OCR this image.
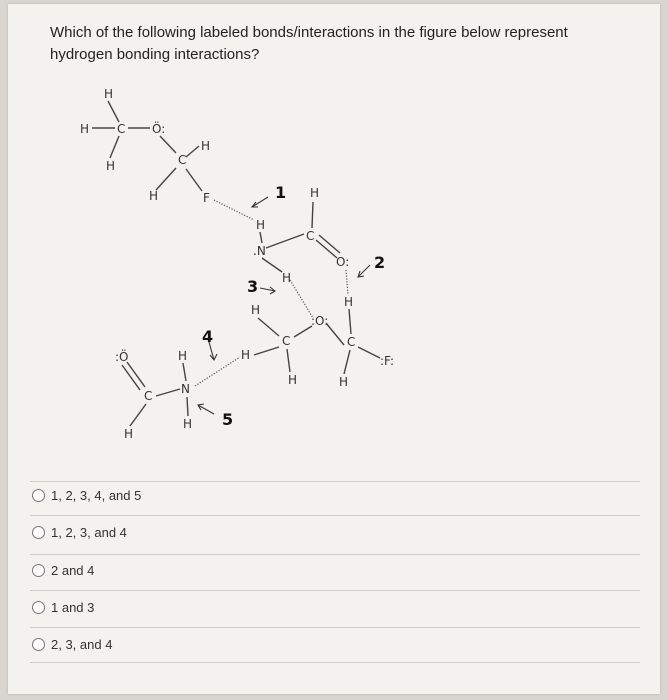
Which of the following labeled bonds/interactions in the figure below represent hydrogen bonding interactions?
H
H C Ö:
H	C
H
H	F
H
.N
C
H
O:
H
H
:O:
C
:F:
H
H
C
H
H
:Ö
C
H
H
N
H
1
2
3
4
5
1, 2, 3, 4, and 5
1, 2, 3, and 4
2 and 4
1 and 3
2, 3, and 4
